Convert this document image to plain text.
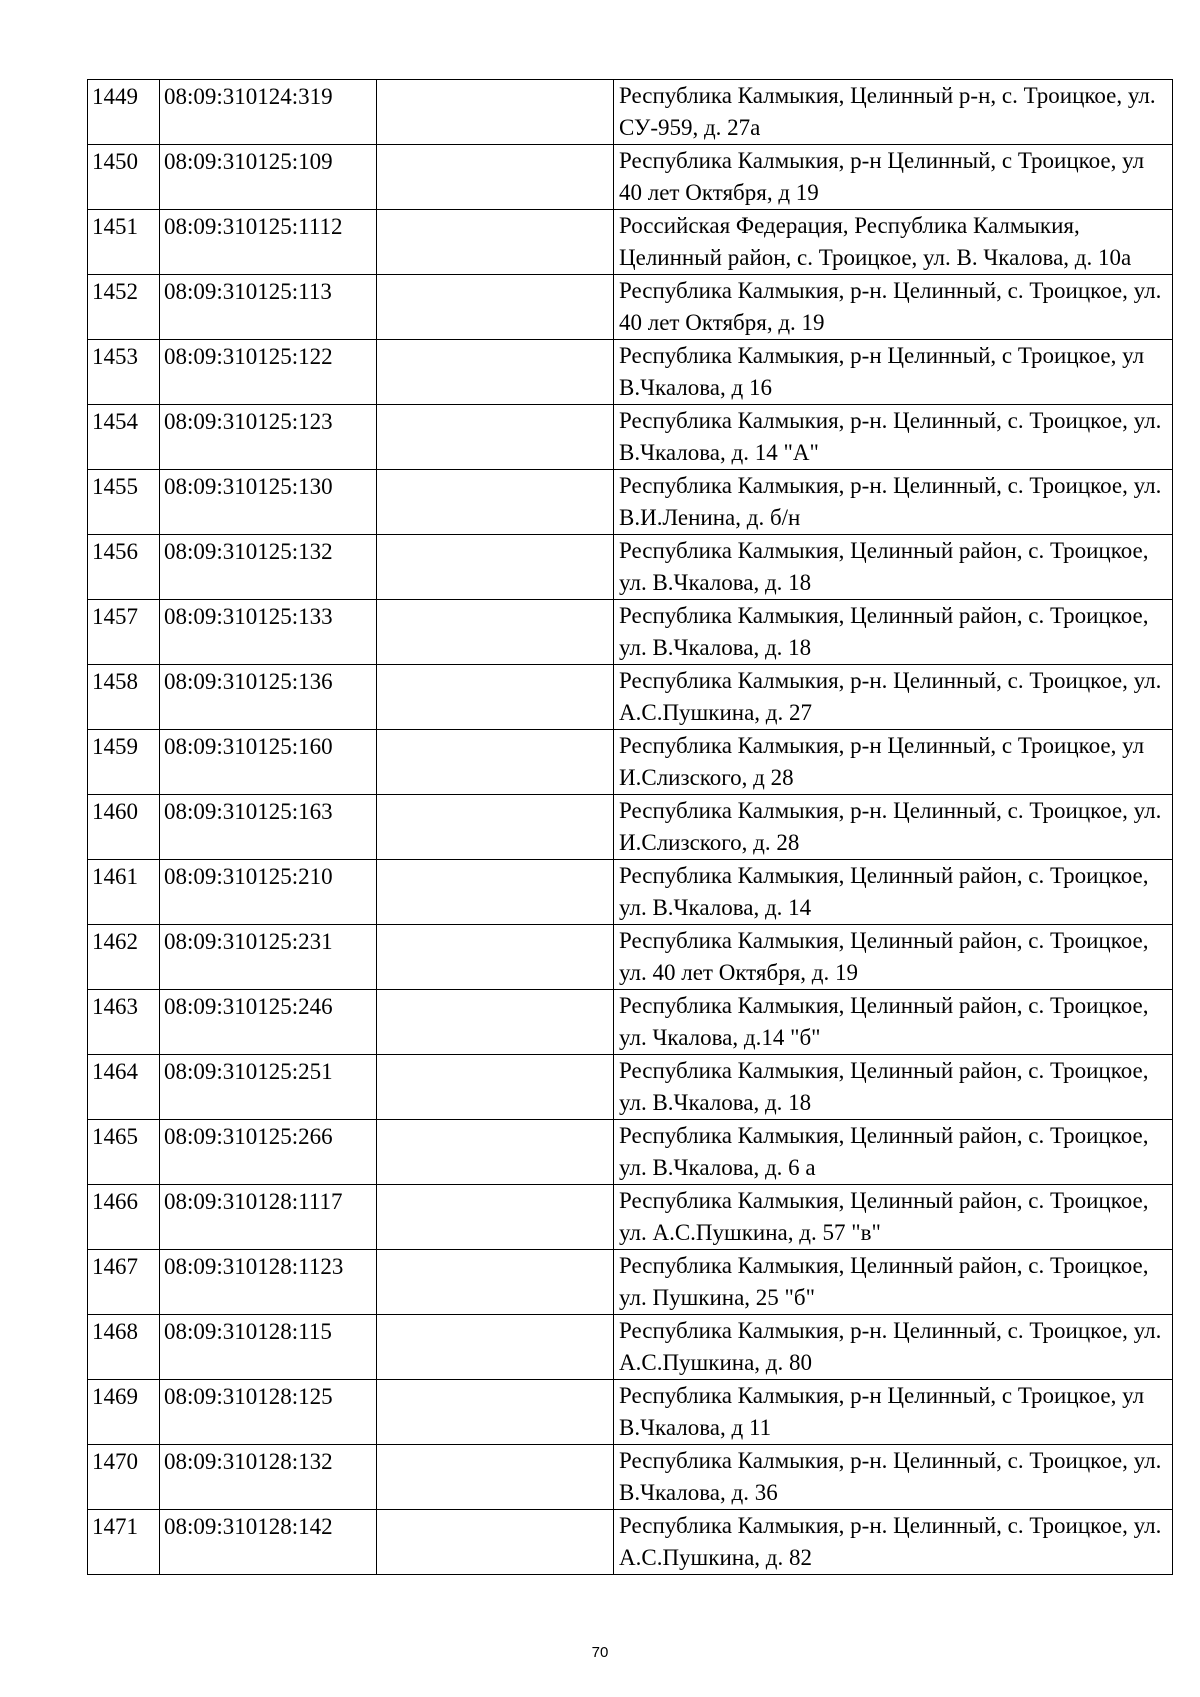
1449	08:09:310124:319		Республика Калмыкия, Целинный р-н, с. Троицкое, ул. СУ-959, д. 27а
1450	08:09:310125:109		Республика Калмыкия, р-н Целинный, с Троицкое, ул 40 лет Октября, д 19
1451	08:09:310125:1112		Российская Федерация, Республика Калмыкия, Целинный район, с. Троицкое, ул. В. Чкалова, д. 10а
1452	08:09:310125:113		Республика Калмыкия, р-н. Целинный, с. Троицкое, ул. 40 лет Октября, д. 19
1453	08:09:310125:122		Республика Калмыкия, р-н Целинный, с Троицкое, ул В.Чкалова, д 16
1454	08:09:310125:123		Республика Калмыкия, р-н. Целинный, с. Троицкое, ул. В.Чкалова, д. 14 "А"
1455	08:09:310125:130		Республика Калмыкия, р-н. Целинный, с. Троицкое, ул. В.И.Ленина, д. б/н
1456	08:09:310125:132		Республика Калмыкия, Целинный район, с. Троицкое, ул. В.Чкалова, д. 18
1457	08:09:310125:133		Республика Калмыкия, Целинный район, с. Троицкое, ул. В.Чкалова, д. 18
1458	08:09:310125:136		Республика Калмыкия, р-н. Целинный, с. Троицкое, ул. А.С.Пушкина, д. 27
1459	08:09:310125:160		Республика Калмыкия, р-н Целинный, с Троицкое, ул И.Слизского, д 28
1460	08:09:310125:163		Республика Калмыкия, р-н. Целинный, с. Троицкое, ул. И.Слизского, д. 28
1461	08:09:310125:210		Республика Калмыкия, Целинный район, с. Троицкое, ул. В.Чкалова, д. 14
1462	08:09:310125:231		Республика Калмыкия, Целинный район, с. Троицкое, ул. 40 лет Октября, д. 19
1463	08:09:310125:246		Республика Калмыкия, Целинный район, с. Троицкое, ул. Чкалова, д.14 "б"
1464	08:09:310125:251		Республика Калмыкия, Целинный район, с. Троицкое, ул. В.Чкалова, д. 18
1465	08:09:310125:266		Республика Калмыкия, Целинный район, с. Троицкое, ул. В.Чкалова, д. 6 а
1466	08:09:310128:1117		Республика Калмыкия, Целинный район, с. Троицкое, ул. А.С.Пушкина, д. 57 "в"
1467	08:09:310128:1123		Республика Калмыкия, Целинный район, с. Троицкое, ул. Пушкина, 25 "б"
1468	08:09:310128:115		Республика Калмыкия, р-н. Целинный, с. Троицкое, ул. А.С.Пушкина, д. 80
1469	08:09:310128:125		Республика Калмыкия, р-н Целинный, с Троицкое, ул В.Чкалова, д 11
1470	08:09:310128:132		Республика Калмыкия, р-н. Целинный, с. Троицкое, ул. В.Чкалова, д. 36
1471	08:09:310128:142		Республика Калмыкия, р-н. Целинный, с. Троицкое, ул. А.С.Пушкина, д. 82
70
